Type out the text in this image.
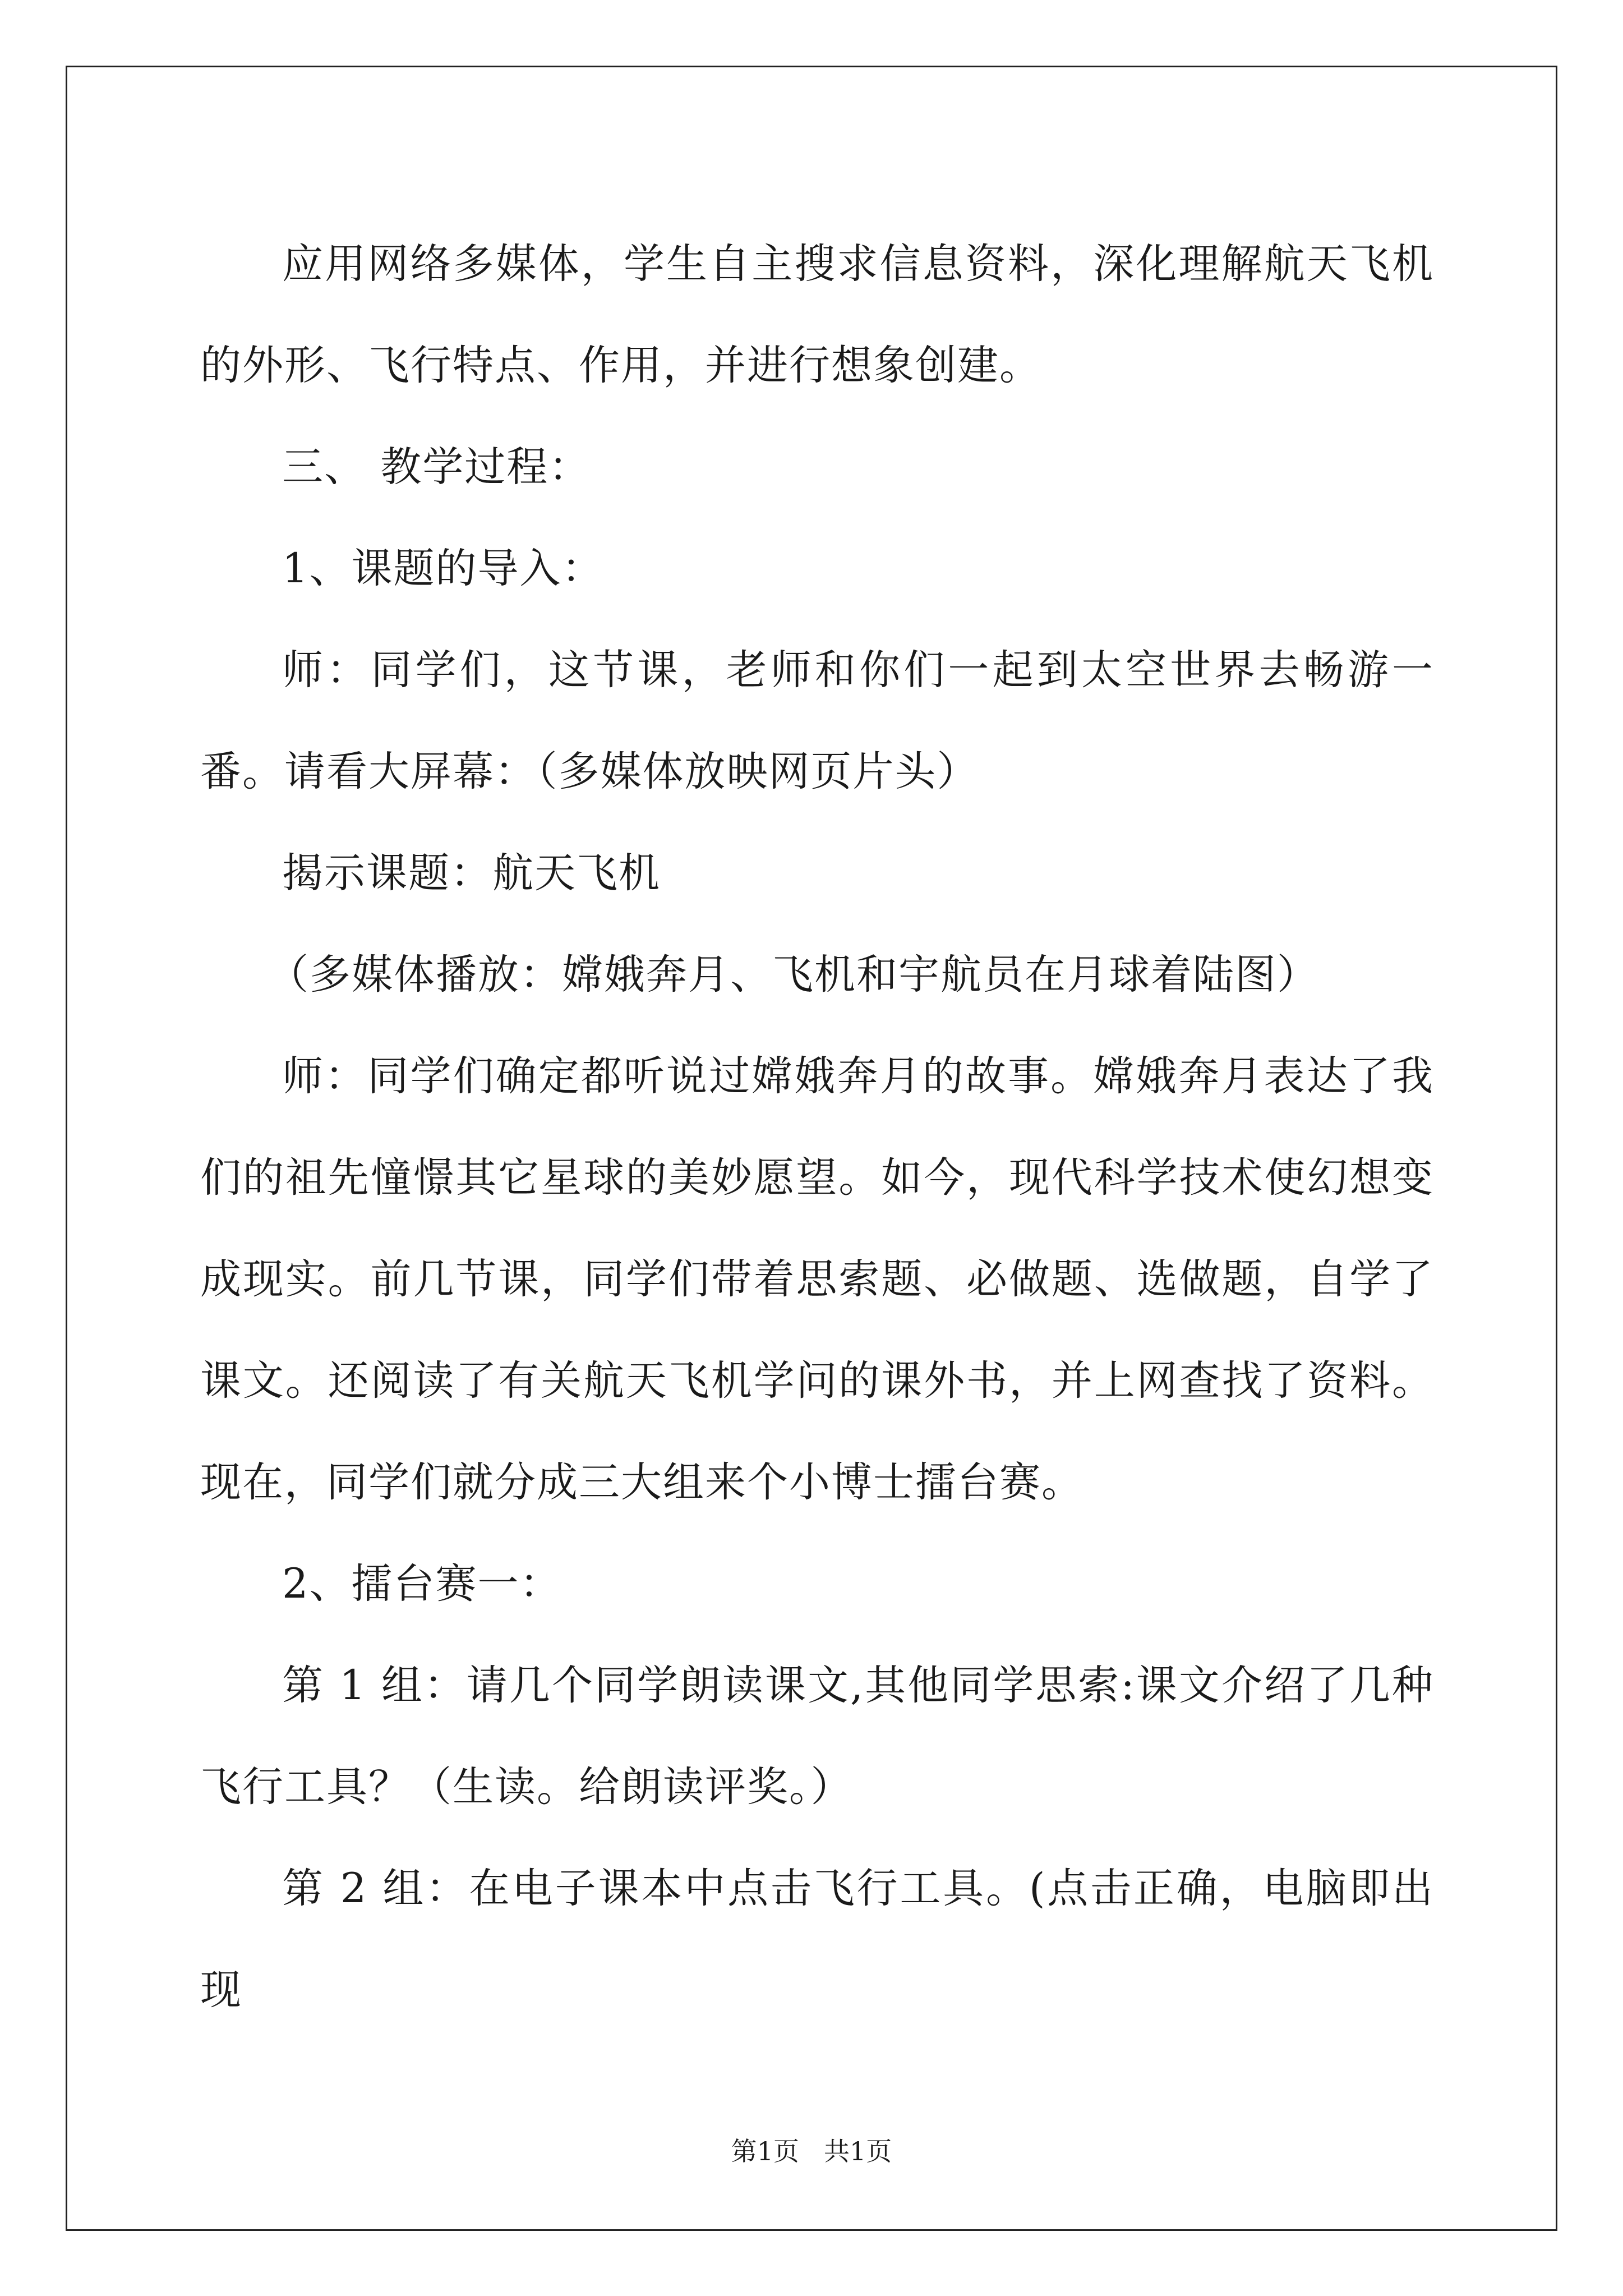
应用网络多媒体，学生自主搜求信息资料，深化理解航天飞机的外形、飞行特点、作用，并进行想象创建。

三、 教学过程：

1、课题的导入：

师：同学们，这节课，老师和你们一起到太空世界去畅游一番。请看大屏幕：（多媒体放映网页片头）

揭示课题：航天飞机

（多媒体播放：嫦娥奔月、飞机和宇航员在月球着陆图）

师：同学们确定都听说过嫦娥奔月的故事。嫦娥奔月表达了我们的祖先憧憬其它星球的美妙愿望。如今，现代科学技术使幻想变成现实。前几节课，同学们带着思索题、必做题、选做题，自学了课文。还阅读了有关航天飞机学问的课外书，并上网查找了资料。现在，同学们就分成三大组来个小博士擂台赛。

2、擂台赛一：

第 1 组：请几个同学朗读课文,其他同学思索:课文介绍了几种飞行工具？（生读。给朗读评奖。）

第 2 组：在电子课本中点击飞行工具。(点击正确，电脑即出现

第1页 共1页
